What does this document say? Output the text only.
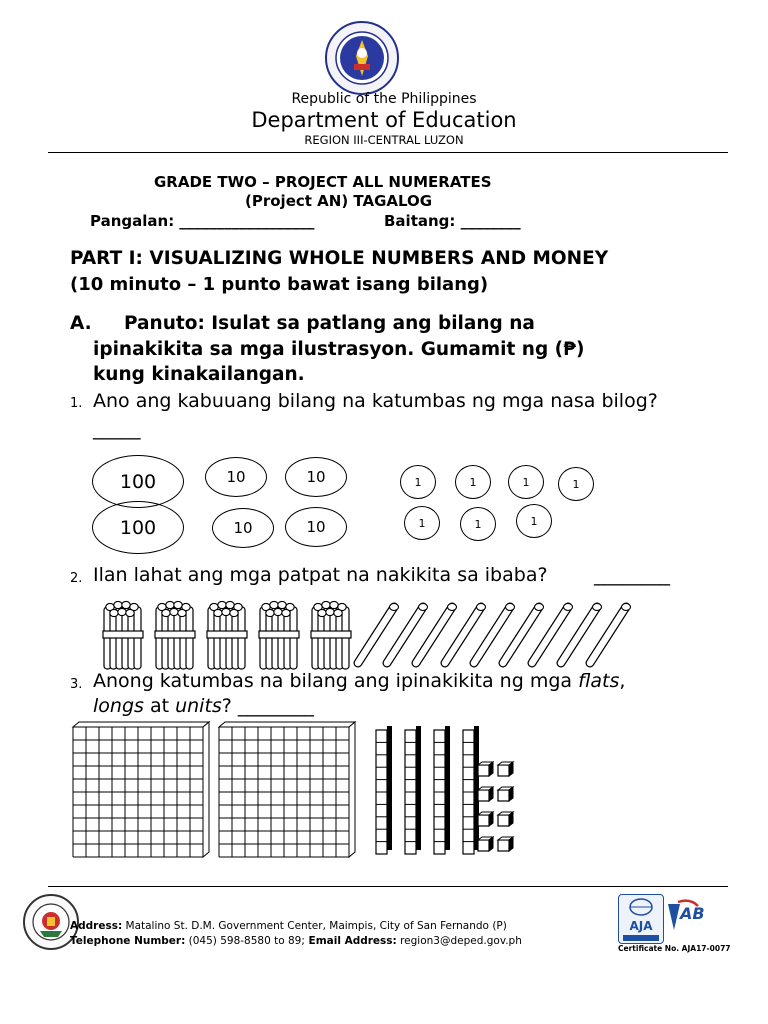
Republic of the Philippines
Department of Education
REGION III-CENTRAL LUZON
GRADE TWO – PROJECT ALL NUMERATES
(Project AN) TAGALOG
Pangalan: __________________	Baitang: ________
PART I: VISUALIZING WHOLE NUMBERS AND MONEY
(10 minuto – 1 punto bawat isang bilang)
A. Panuto: Isulat sa patlang ang bilang na
ipinakikita sa mga ilustrasyon. Gumamit ng (₱)
kung kinakailangan.
1. Ano ang kabuuang bilang na katumbas ng mga nasa bilog?
_____
100
100
10	10
10	10
1	1	1	1
1	1	1
2. Ilan lahat ang mga patpat na nakikita sa ibaba? ________
3. Anong katumbas na bilang ang ipinakikita ng mga flats,
longs at units? ________
Address: Matalino St. D.M. Government Center, Maimpis, City of San Fernando (P)
Telephone Number: (045) 598-8580 to 89; Email Address: region3@deped.gov.ph
AJA
AB
Certificate No. AJA17-0077
